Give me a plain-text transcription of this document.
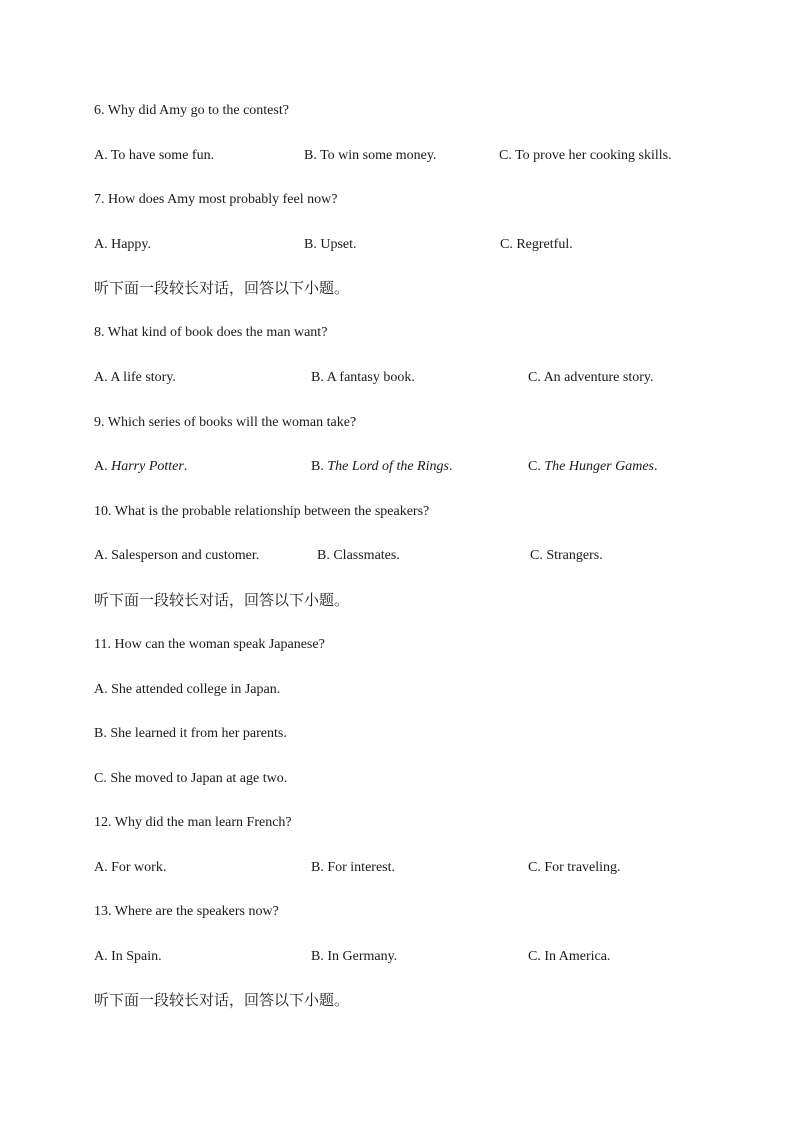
6. Why did Amy go to the contest?
A. To have some fun.	B. To win some money.	C. To prove her cooking skills.
7. How does Amy most probably feel now?
A. Happy.	B. Upset.	C. Regretful.
听下面一段较长对话，回答以下小题。
8. What kind of book does the man want?
A. A life story.	B. A fantasy book.	C. An adventure story.
9. Which series of books will the woman take?
A. Harry Potter.	B. The Lord of the Rings.	C. The Hunger Games.
10. What is the probable relationship between the speakers?
A. Salesperson and customer.	B. Classmates.	C. Strangers.
听下面一段较长对话，回答以下小题。
11. How can the woman speak Japanese?
A. She attended college in Japan.
B. She learned it from her parents.
C. She moved to Japan at age two.
12. Why did the man learn French?
A. For work.	B. For interest.	C. For traveling.
13. Where are the speakers now?
A. In Spain.	B. In Germany.	C. In America.
听下面一段较长对话，回答以下小题。
